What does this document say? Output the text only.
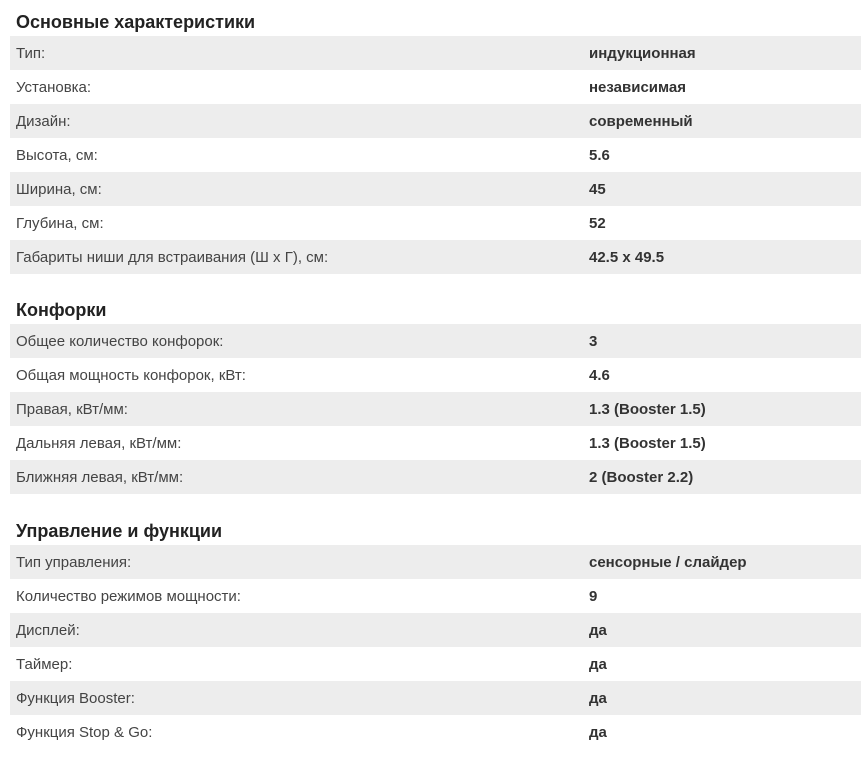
Основные характеристики
Тип:	индукционная
Установка:	независимая
Дизайн:	современный
Высота, см:	5.6
Ширина, см:	45
Глубина, см:	52
Габариты ниши для встраивания (Ш х Г), см:	42.5 x 49.5
Конфорки
Общее количество конфорок:	3
Общая мощность конфорок, кВт:	4.6
Правая, кВт/мм:	1.3 (Booster 1.5)
Дальняя левая, кВт/мм:	1.3 (Booster 1.5)
Ближняя левая, кВт/мм:	2 (Booster 2.2)
Управление и функции
Тип управления:	сенсорные / слайдер
Количество режимов мощности:	9
Дисплей:	да
Таймер:	да
Функция Booster:	да
Функция Stop & Go:	да
